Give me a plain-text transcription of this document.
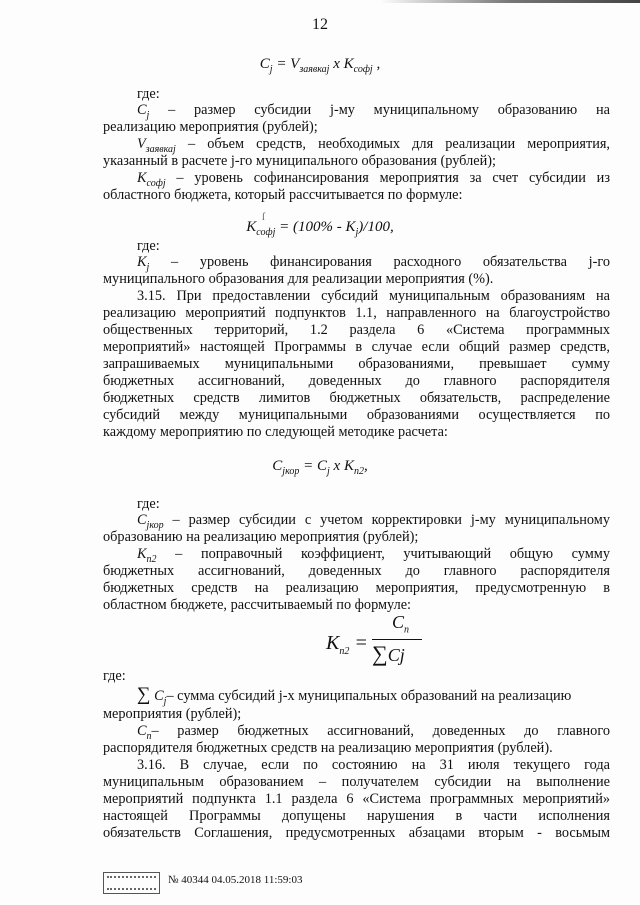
12
$C_j = V_{заявкаj}$ x $K_{софj}$ ,
где:
$C_j$ – размер субсидии j-му муниципальному образованию на
реализацию мероприятия (рублей);
$V_{заявкаj}$ – объем средств, необходимых для реализации мероприятия,
указанный в расчете j-го муниципального образования (рублей);
$K_{софj}$ – уровень софинансирования мероприятия за счет субсидии из
областного бюджета, который рассчитывается по формуле:
ſ
$K_{софj} = (100\% - K_j)/100$,
где:
$K_j$ – уровень финансирования расходного обязательства j-го
муниципального образования для реализации мероприятия (%).
3.15. При предоставлении субсидий муниципальным образованиям на
реализацию мероприятий подпунктов 1.1, направленного на благоустройство
общественных территорий, 1.2 раздела 6 «Система программных
мероприятий» настоящей Программы в случае если общий размер средств,
запрашиваемых муниципальными образованиями, превышает сумму
бюджетных ассигнований, доведенных до главного распорядителя
бюджетных средств лимитов бюджетных обязательств, распределение
субсидий между муниципальными образованиями осуществляется по
каждому мероприятию по следующей методике расчета:
$C_{jкор} = C_j$ x $K_{п2}$,
где:
$C_{jкор}$ – размер субсидии с учетом корректировки j-му муниципальному
образованию на реализацию мероприятия (рублей);
$K_{п2}$ – поправочный коэффициент, учитывающий общую сумму
бюджетных ассигнований, доведенных до главного распорядителя
бюджетных средств на реализацию мероприятия, предусмотренную в
областном бюджете, рассчитываемый по формуле:
$K_{п2}$ =
$C_п$
∑Cj
где:
∑ $C_j-$ сумма субсидий j-х муниципальных образований на реализацию
мероприятия (рублей);
$C_п-$ размер бюджетных ассигнований, доведенных до главного
распорядителя бюджетных средств на реализацию мероприятия (рублей).
3.16. В случае, если по состоянию на 31 июля текущего года
муниципальным образованием – получателем субсидии на выполнение
мероприятий подпункта 1.1 раздела 6 «Система программных мероприятий»
настоящей Программы допущены нарушения в части исполнения
обязательств Соглашения, предусмотренных абзацами вторым - восьмым
№ 40344 04.05.2018 11:59:03
